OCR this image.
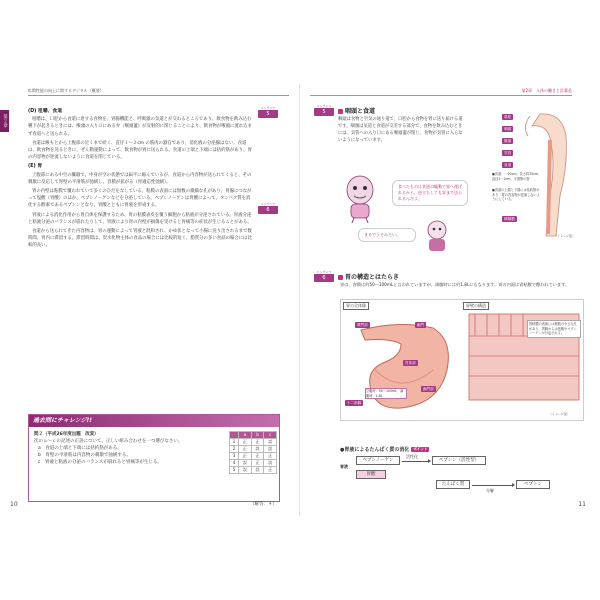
拡散性能の向上に関するデジタル（概要）
第２章
コンテンツ
5
コンテンツ
6
(D) 咀嚼、食道

咀嚼は、口腔から食道に達する食物を、胃腸機能と、呼吸器の気道とが交わるところであり、飲食物を飲み込む嚥下が起きるときには、喉頭の入り口にある弁（喉頭蓋）が反射的に閉じることにより、飲食物が喉頭に流れ込まず食道へと送られる。

食道は喉もとから上腹部の近くまで続く、直径１〜２cm の筋肉の器官であり、消化液の分泌腺はない。食道は、飲食物を送るときに、ぜん動運動によって、飲食物が胃に送られる。食道の上端と下端には括約筋があり、胃の内容物が逆流しないように食道を閉じている。

(E) 胃

上腹部にある中空の臓器で、中身が空の状態では扁平に縮んでいるが、食道から内容物が送られてくると、その刺激に反応して胃壁の平滑筋が弛緩し、容積が拡がる（胃適応性弛緩）。

胃の内壁は粘膜で覆われていて多くのひだをなしている。粘膜の表面には無数の微細な孔があり、胃腺につながって塩酸（胃酸）のほか、ペプシノーゲンなどを分泌している。ペプシノーゲンは胃酸によって、タンパク質を消化する酵素であるペプシンとなり、胃酸とともに胃液を形成する。

胃液による消化作用から胃自体を保護するため、胃の粘膜表皮を覆う細胞から粘液が分泌されている。胃液分泌と粘液分泌のバランスが崩れたりして、胃液により胃の内壁が損傷を受けると胃痛等の症状が生じることがある。

食道から送られてきた内容物は、胃の運動によって胃液と混和され、かゆ状となって小腸に送り出されるまで数時間、胃内に滞留する。滞留時間は、炭水化物主体の食品の場合には比較的短く、脂質分の多い食品の場合には比較的長い。

過去問にチャレンジ!!
問２（平成26年度出題　改変）
次のａ〜ｃの記述の正誤について、正しい組み合わせを一つ選びなさい。
a　食道の上端と下端には括約筋がある。
b　胃壁の平滑筋は内容物の刺激で弛緩する。
c　胃液と粘液の分泌のバランスが崩れると胃痛等が生じる。
	a	b	c
1	正	正	誤
2	正	誤	誤
3	正	正	正
4	誤	正	誤
5	誤	誤	正
（解答：４）
10
第2章　人体の働きと医薬品
コンテンツ
5	咽頭と食道
咽頭は食物と空気の通り道で、口腔から食物を胃に送り届ける道です。咽頭は気道と食道が交差する部分で、食物を飲み込むときには、気管への入り口にある喉頭蓋が閉じ、食物が気管に入らないようになっています。
食べたものは食道の蠕動で胃へ運ばれるから、逆立ちしても胃まで送られるんだよ。
まるでうそみたい。
鼻腔
咽頭
喉頭
気管
食道
●食道：一20cm。長さ約25cm、直径1〜2cm、平滑筋の管
●食道の上端と下端には括約筋があり、胃の内容物が逆流しないようにしている。
横隔膜
〈イメージ図〉
コンテンツ
6	胃の構造とはたらき
胃は、容積は約50〜100mLと言われていますが、満腹時には約1.8Lにもなります。胃の内面は胃粘膜で覆われています。
胃の全体像	胃壁の構造
噴門部
胃体部
幽門
幽門部
十二指腸
空腹時：50〜100mL、満腹時：1.8L
胃粘膜の表面には無数の小さな孔があり、胃腺からは塩酸やペプシノーゲンが分泌される。
〈イメージ図〉
●胃液によるたんぱく質の消化 ポイント
胃液
ペプシノーゲン
胃酸
活性化
ペプシン（活性型）
たんぱく質
分解
ペプトン
11
